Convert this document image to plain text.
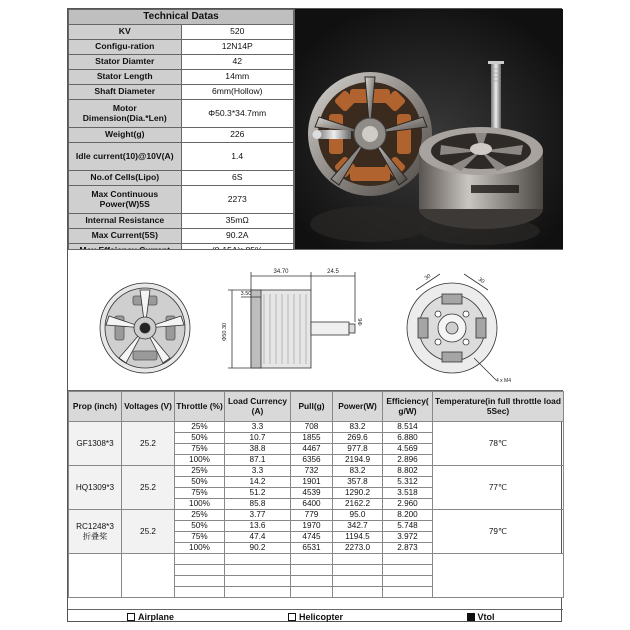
Technical Datas	
KV	520
Configu-ration	12N14P
Stator Diamter	42
Stator Length	14mm
Shaft Diameter	6mm(Hollow)
Motor Dimension(Dia.*Len)	Φ50.3*34.7mm
Weight(g)	226
Idle current(10)@10V(A)	1.4
No.of Cells(Lipo)	6S
Max Continuous Power(W)5S	2273
Internal Resistance	35mΩ
Max Current(5S)	90.2A

34.70	24.5
3.50
Φ50.30
Φ6
30	30
4 x M4
Prop (inch)	Voltages (V)	Throttle (%)	Load Currency (A)	Pull(g)	Power(W)	Efficiency( g/W)	Temperature(in full throttle load 5Sec)

GF1308*3	25.2	25%	3.3	708	83.2	8.514	78℃
		50%	10.7	1855	269.6	6.880	
		75%	38.8	4467	977.8	4.569	
		100%	87.1	6356	2194.9	2.896	

HQ1309*3	25.2	25%	3.3	732	83.2	8.802	77℃
		50%	14.2	1901	357.8	5.312	
		75%	51.2	4539	1290.2	3.518	
		100%	85.8	6400	2162.2	2.960	

RC1248*3
折叠桨	25.2	25%	3.77	779	95.0	8.200	79℃
		50%	13.6	1970	342.7	5.748	
		75%	47.4	4745	1194.5	3.972	
		100%	90.2	6531	2273.0	2.873	

Airplane	Helicopter	Vtol
